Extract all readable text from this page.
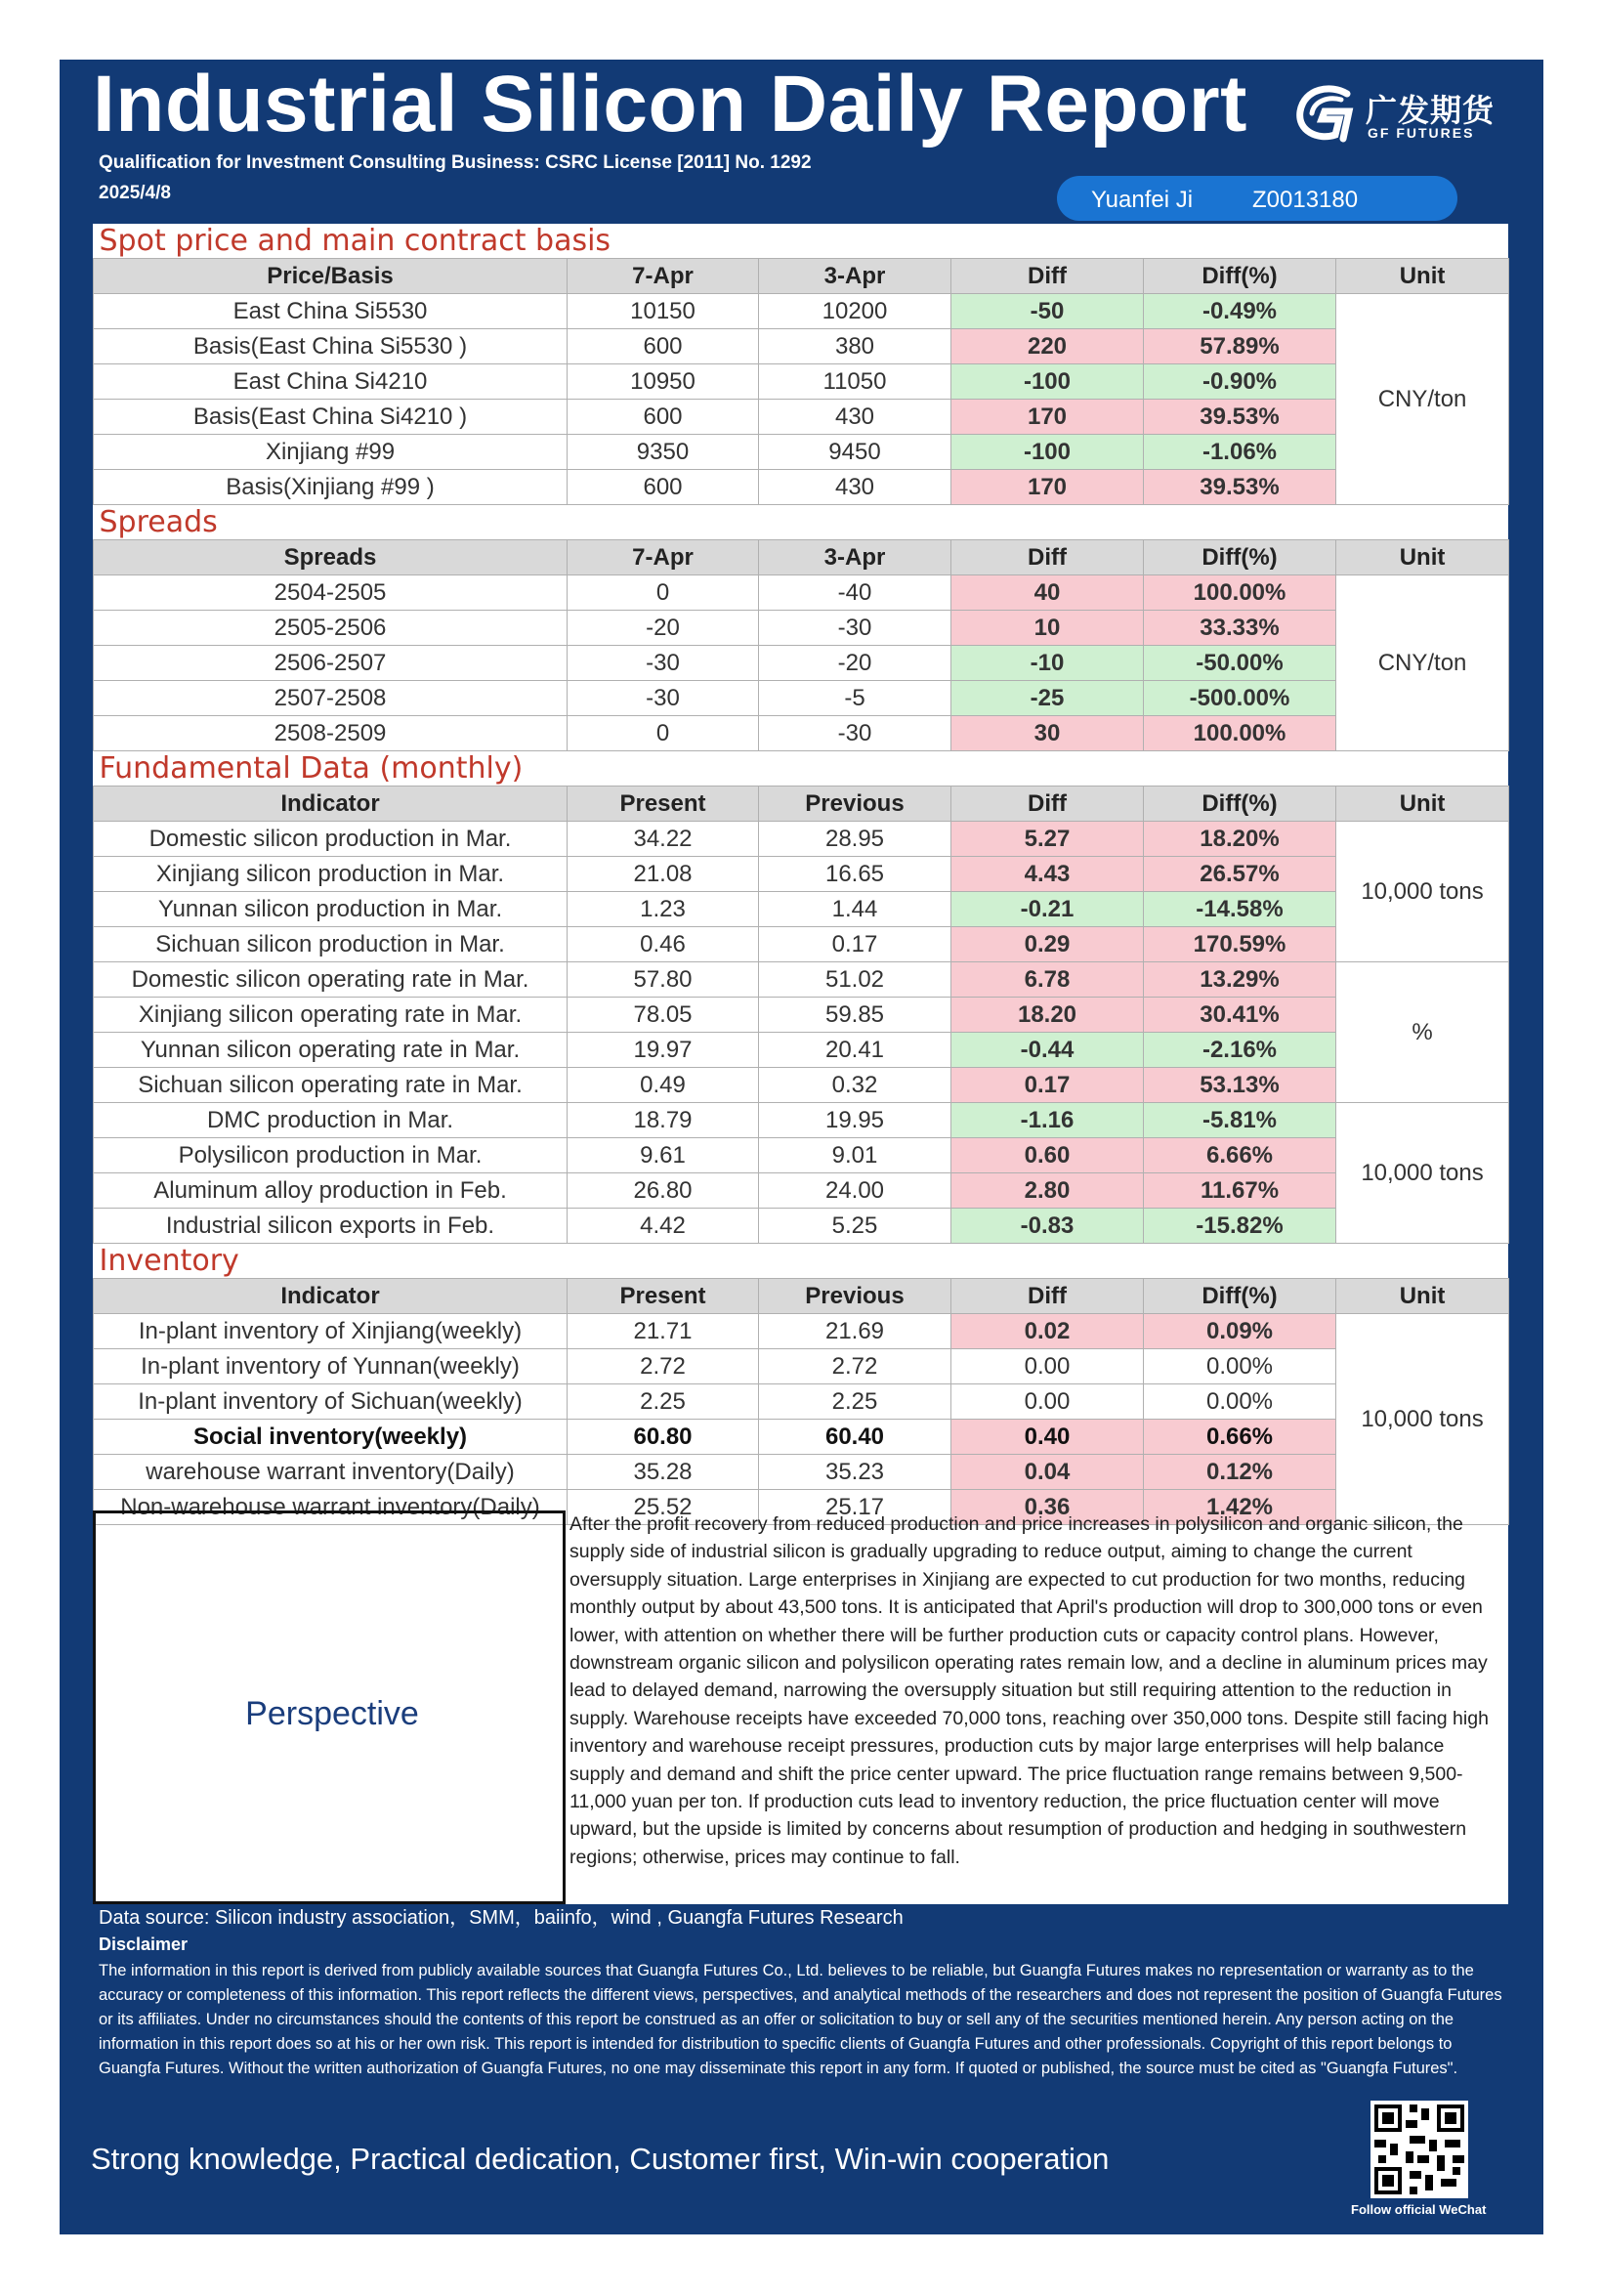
Industrial Silicon Daily Report
Qualification for Investment Consulting Business: CSRC License [2011] No. 1292
2025/4/8
广发期货
GF FUTURES
Yuanfei Ji	Z0013180
Spot price and main contract basis					
Price/Basis	7-Apr	3-Apr	Diff	Diff(%)	Unit
East China Si5530	10150	10200	-50	-0.49%	CNY/ton
Basis(East China Si5530 )	600	380	220	57.89%	
East China Si4210	10950	11050	-100	-0.90%	
Basis(East China Si4210 )	600	430	170	39.53%	
Xinjiang #99	9350	9450	-100	-1.06%	
Basis(Xinjiang #99 )	600	430	170	39.53%	
Spreads					
Spreads	7-Apr	3-Apr	Diff	Diff(%)	Unit
2504-2505	0	-40	40	100.00%	CNY/ton
2505-2506	-20	-30	10	33.33%	
2506-2507	-30	-20	-10	-50.00%	
2507-2508	-30	-5	-25	-500.00%	
2508-2509	0	-30	30	100.00%	
Fundamental Data (monthly)					
Indicator	Present	Previous	Diff	Diff(%)	Unit
Domestic silicon production in Mar.	34.22	28.95	5.27	18.20%	10,000 tons
Xinjiang silicon production in Mar.	21.08	16.65	4.43	26.57%	
Yunnan silicon production in Mar.	1.23	1.44	-0.21	-14.58%	
Sichuan silicon production in Mar.	0.46	0.17	0.29	170.59%	
Domestic silicon operating rate in Mar.	57.80	51.02	6.78	13.29%	%
Xinjiang silicon operating rate in Mar.	78.05	59.85	18.20	30.41%	
Yunnan silicon operating rate in Mar.	19.97	20.41	-0.44	-2.16%	
Sichuan silicon operating rate in Mar.	0.49	0.32	0.17	53.13%	
DMC production in Mar.	18.79	19.95	-1.16	-5.81%	10,000 tons
Polysilicon production in Mar.	9.61	9.01	0.60	6.66%	
Aluminum alloy production in Feb.	26.80	24.00	2.80	11.67%	
Industrial silicon exports in Feb.	4.42	5.25	-0.83	-15.82%	
Inventory					
Indicator	Present	Previous	Diff	Diff(%)	Unit
In-plant inventory of Xinjiang(weekly)	21.71	21.69	0.02	0.09%	10,000 tons
In-plant inventory of Yunnan(weekly)	2.72	2.72	0.00	0.00%	
In-plant inventory of Sichuan(weekly)	2.25	2.25	0.00	0.00%	
Social inventory(weekly)	60.80	60.40	0.40	0.66%	
warehouse warrant inventory(Daily)	35.28	35.23	0.04	0.12%	
Non-warehouse warrant inventory(Daily)	25.52	25.17	0.36	1.42%	
Perspective
After the profit recovery from reduced production and price increases in polysilicon and organic silicon, the supply side of industrial silicon is gradually upgrading to reduce output, aiming to change the current oversupply situation. Large enterprises in Xinjiang are expected to cut production for two months, reducing monthly output by about 43,500 tons. It is anticipated that April's production will drop to 300,000 tons or even lower, with attention on whether there will be further production cuts or capacity control plans. However, downstream organic silicon and polysilicon operating rates remain low, and a decline in aluminum prices may lead to delayed demand, narrowing the oversupply situation but still requiring attention to the reduction in supply. Warehouse receipts have exceeded 70,000 tons, reaching over 350,000 tons. Despite still facing high inventory and warehouse receipt pressures, production cuts by major large enterprises will help balance supply and demand and shift the price center upward. The price fluctuation range remains between 9,500-11,000 yuan per ton. If production cuts lead to inventory reduction, the price fluctuation center will move upward, but the upside is limited by concerns about resumption of production and hedging in southwestern regions; otherwise, prices may continue to fall.
Data source: Silicon industry association，SMM，baiinfo，wind , Guangfa Futures Research
Disclaimer
The information in this report is derived from publicly available sources that Guangfa Futures Co., Ltd. believes to be reliable, but Guangfa Futures makes no representation or warranty as to the accuracy or completeness of this information. This report reflects the different views, perspectives, and analytical methods of the researchers and does not represent the position of Guangfa Futures or its affiliates. Under no circumstances should the contents of this report be construed as an offer or solicitation to buy or sell any of the securities mentioned herein. Any person acting on the information in this report does so at his or her own risk. This report is intended for distribution to specific clients of Guangfa Futures and other professionals. Copyright of this report belongs to Guangfa Futures. Without the written authorization of Guangfa Futures, no one may disseminate this report in any form. If quoted or published, the source must be cited as "Guangfa Futures".
Strong knowledge, Practical dedication, Customer first, Win-win cooperation
Follow official WeChat
